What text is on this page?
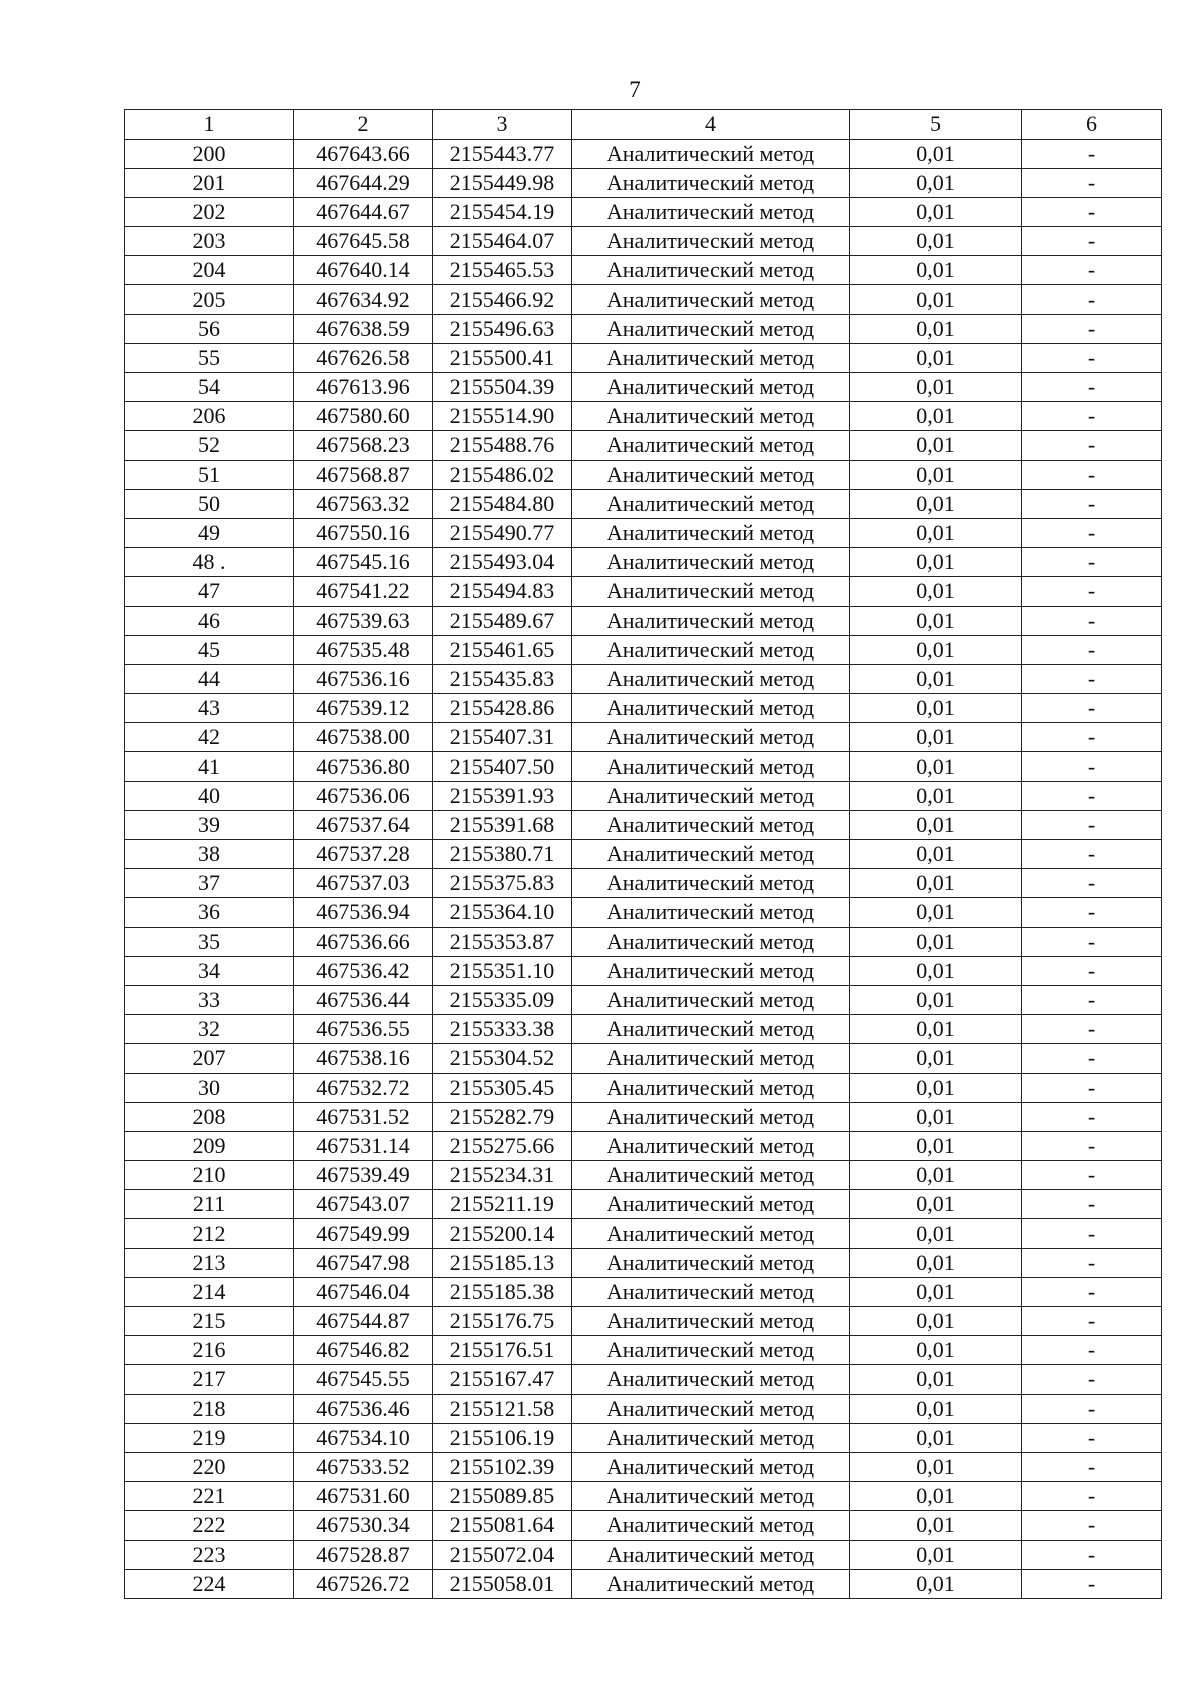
7
1	2	3	4	5	6
200	467643.66	2155443.77	Аналитический метод	0,01	-
201	467644.29	2155449.98	Аналитический метод	0,01	-
202	467644.67	2155454.19	Аналитический метод	0,01	-
203	467645.58	2155464.07	Аналитический метод	0,01	-
204	467640.14	2155465.53	Аналитический метод	0,01	-
205	467634.92	2155466.92	Аналитический метод	0,01	-
56	467638.59	2155496.63	Аналитический метод	0,01	-
55	467626.58	2155500.41	Аналитический метод	0,01	-
54	467613.96	2155504.39	Аналитический метод	0,01	-
206	467580.60	2155514.90	Аналитический метод	0,01	-
52	467568.23	2155488.76	Аналитический метод	0,01	-
51	467568.87	2155486.02	Аналитический метод	0,01	-
50	467563.32	2155484.80	Аналитический метод	0,01	-
49	467550.16	2155490.77	Аналитический метод	0,01	-
48 .	467545.16	2155493.04	Аналитический метод	0,01	-
47	467541.22	2155494.83	Аналитический метод	0,01	-
46	467539.63	2155489.67	Аналитический метод	0,01	-
45	467535.48	2155461.65	Аналитический метод	0,01	-
44	467536.16	2155435.83	Аналитический метод	0,01	-
43	467539.12	2155428.86	Аналитический метод	0,01	-
42	467538.00	2155407.31	Аналитический метод	0,01	-
41	467536.80	2155407.50	Аналитический метод	0,01	-
40	467536.06	2155391.93	Аналитический метод	0,01	-
39	467537.64	2155391.68	Аналитический метод	0,01	-
38	467537.28	2155380.71	Аналитический метод	0,01	-
37	467537.03	2155375.83	Аналитический метод	0,01	-
36	467536.94	2155364.10	Аналитический метод	0,01	-
35	467536.66	2155353.87	Аналитический метод	0,01	-
34	467536.42	2155351.10	Аналитический метод	0,01	-
33	467536.44	2155335.09	Аналитический метод	0,01	-
32	467536.55	2155333.38	Аналитический метод	0,01	-
207	467538.16	2155304.52	Аналитический метод	0,01	-
30	467532.72	2155305.45	Аналитический метод	0,01	-
208	467531.52	2155282.79	Аналитический метод	0,01	-
209	467531.14	2155275.66	Аналитический метод	0,01	-
210	467539.49	2155234.31	Аналитический метод	0,01	-
211	467543.07	2155211.19	Аналитический метод	0,01	-
212	467549.99	2155200.14	Аналитический метод	0,01	-
213	467547.98	2155185.13	Аналитический метод	0,01	-
214	467546.04	2155185.38	Аналитический метод	0,01	-
215	467544.87	2155176.75	Аналитический метод	0,01	-
216	467546.82	2155176.51	Аналитический метод	0,01	-
217	467545.55	2155167.47	Аналитический метод	0,01	-
218	467536.46	2155121.58	Аналитический метод	0,01	-
219	467534.10	2155106.19	Аналитический метод	0,01	-
220	467533.52	2155102.39	Аналитический метод	0,01	-
221	467531.60	2155089.85	Аналитический метод	0,01	-
222	467530.34	2155081.64	Аналитический метод	0,01	-
223	467528.87	2155072.04	Аналитический метод	0,01	-
224	467526.72	2155058.01	Аналитический метод	0,01	-
